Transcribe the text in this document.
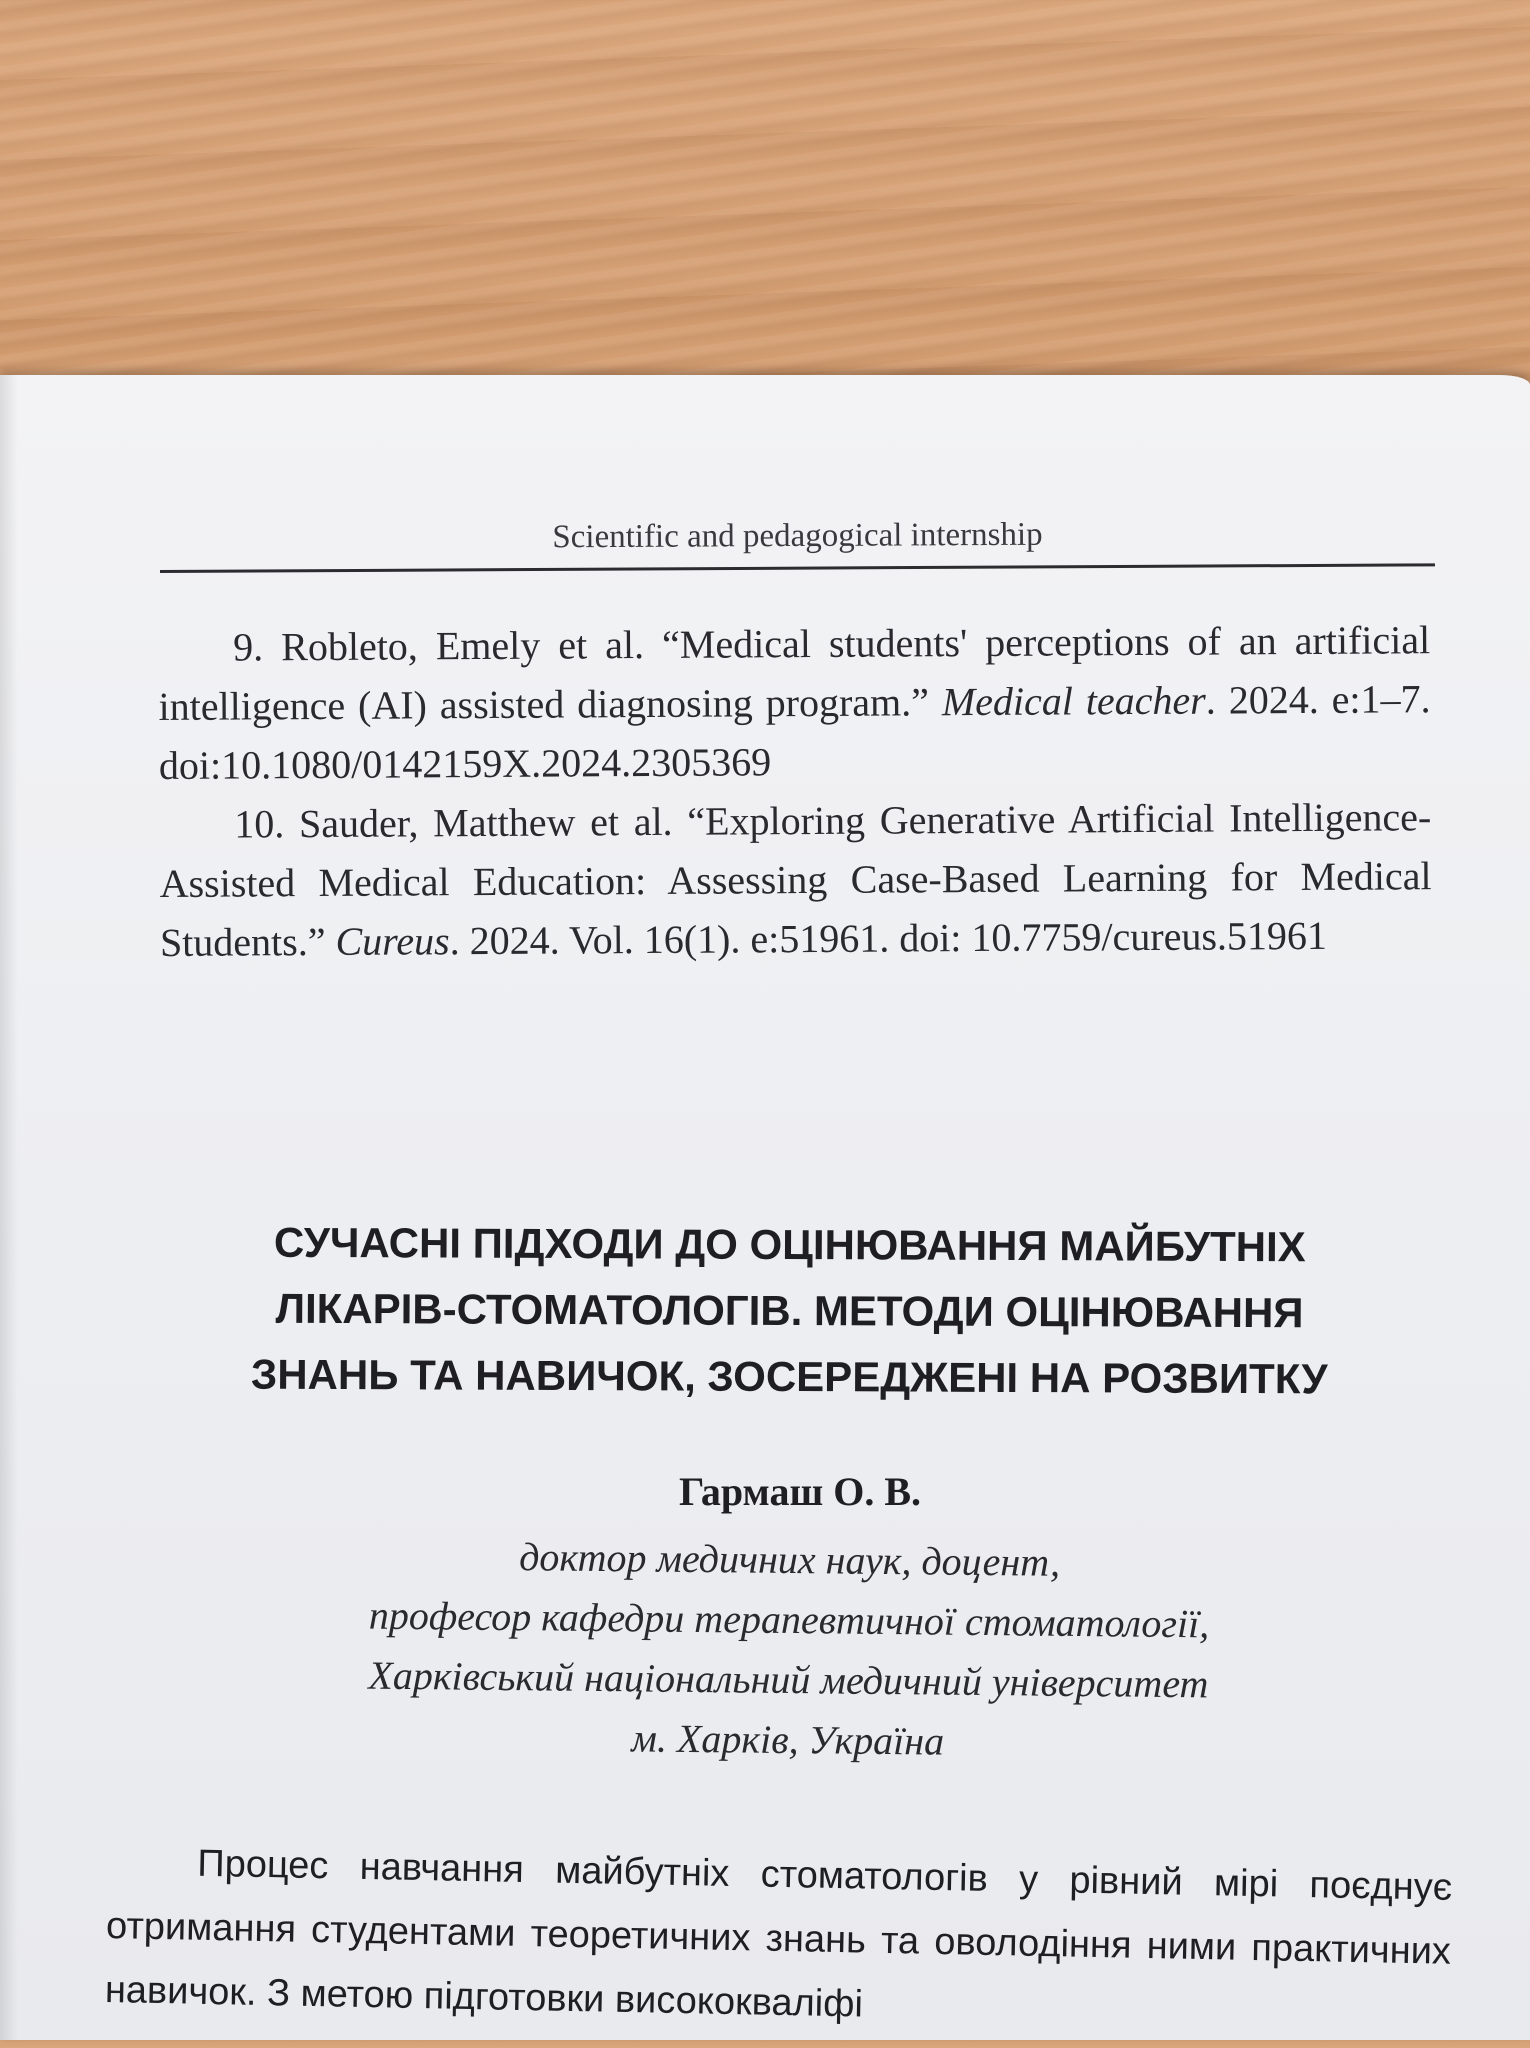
Scientific and pedagogical internship

9. Robleto, Emely et al. “Medical students' perceptions of an artificial intelligence (AI) assisted diagnosing program.” Medical teacher. 2024. e:1–7. doi:10.1080/0142159X.2024.2305369

10. Sauder, Matthew et al. “Exploring Generative Artificial Intelligence-Assisted Medical Education: Assessing Case-Based Learning for Medical Students.” Cureus. 2024. Vol. 16(1). e:51961. doi: 10.7759/cureus.51961

СУЧАСНІ ПІДХОДИ ДО ОЦІНЮВАННЯ МАЙБУТНІХ
ЛІКАРІВ-СТОМАТОЛОГІВ. МЕТОДИ ОЦІНЮВАННЯ
ЗНАНЬ ТА НАВИЧОК, ЗОСЕРЕДЖЕНІ НА РОЗВИТКУ
Гармаш О. В.
доктор медичних наук, доцент,
професор кафедри терапевтичної стоматології,
Харківський національний медичний університет
м. Харків, Україна

Процес навчання майбутніх стоматологів у рівний мірі поєднує отримання студентами теоретичних знань та оволодіння ними практичних навичок. З метою підготовки висококваліфі
